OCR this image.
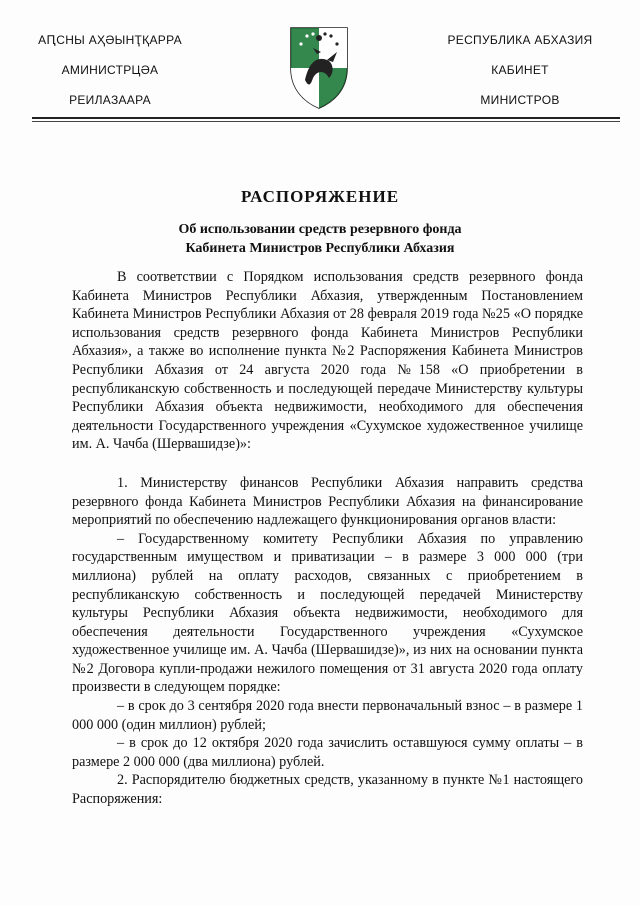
АԤСНЫ АҲӘЫНҬҚАРРА
АМИНИСТРЦӘА
РЕИЛАЗААРА
РЕСПУБЛИКА АБХАЗИЯ
КАБИНЕТ
МИНИСТРОВ
РАСПОРЯЖЕНИЕ
Об использовании средств резервного фонда
Кабинета Министров Республики Абхазия

В соответствии с Порядком использования средств резервного фонда Кабинета Министров Республики Абхазия, утвержденным Постановлением Кабинета Министров Республики Абхазия от 28 февраля 2019 года №25 «О порядке использования средств резервного фонда Кабинета Министров Республики Абхазия», а также во исполнение пункта №2 Распоряжения Кабинета Министров Республики Абхазия от 24 августа 2020 года №158 «О приобретении в республиканскую собственность и последующей передаче Министерству культуры Республики Абхазия объекта недвижимости, необходимого для обеспечения деятельности Государственного учреждения «Сухумское художественное училище им. А. Чачба (Шервашидзе)»:

1. Министерству финансов Республики Абхазия направить средства резервного фонда Кабинета Министров Республики Абхазия на финансирование мероприятий по обеспечению надлежащего функционирования органов власти:

– Государственному комитету Республики Абхазия по управлению государственным имуществом и приватизации – в размере 3 000 000 (три миллиона) рублей на оплату расходов, связанных с приобретением в республиканскую собственность и последующей передачей Министерству культуры Республики Абхазия объекта недвижимости, необходимого для обеспечения деятельности Государственного учреждения «Сухумское художественное училище им. А. Чачба (Шервашидзе)», из них на основании пункта №2 Договора купли-продажи нежилого помещения от 31 августа 2020 года оплату произвести в следующем порядке:

– в срок до 3 сентября 2020 года внести первоначальный взнос – в размере 1 000 000 (один миллион) рублей;

– в срок до 12 октября 2020 года зачислить оставшуюся сумму оплаты – в размере 2 000 000 (два миллиона) рублей.

2. Распорядителю бюджетных средств, указанному в пункте №1 настоящего Распоряжения:
